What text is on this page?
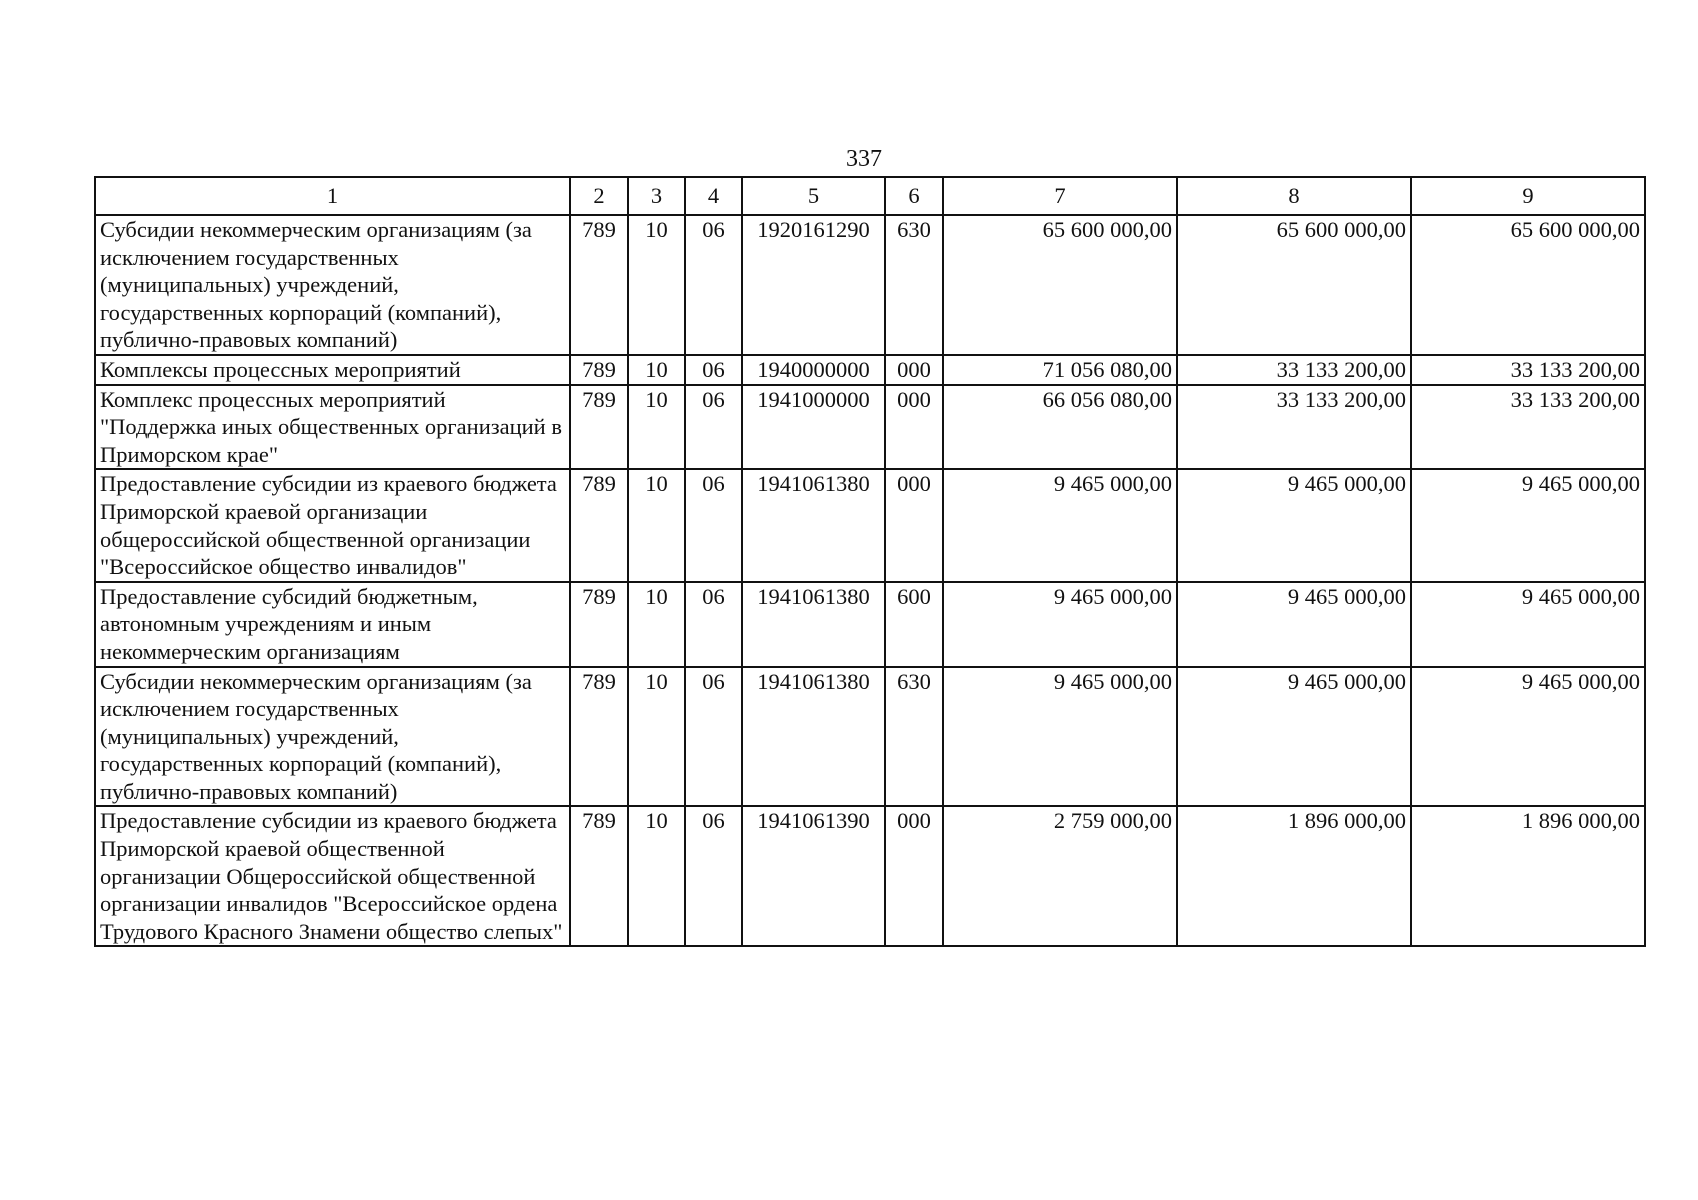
337
1	2	3	4	5	6	7	8	9
Субсидии некоммерческим организациям (за исключением государственных (муниципальных) учреждений, государственных корпораций (компаний), публично-правовых компаний)	789	10	06	1920161290	630	65 600 000,00	65 600 000,00	65 600 000,00
Комплексы процессных мероприятий	789	10	06	1940000000	000	71 056 080,00	33 133 200,00	33 133 200,00
Комплекс процессных мероприятий "Поддержка иных общественных организаций в Приморском крае"	789	10	06	1941000000	000	66 056 080,00	33 133 200,00	33 133 200,00
Предоставление субсидии из краевого бюджета Приморской краевой организации общероссийской общественной организации "Всероссийское общество инвалидов"	789	10	06	1941061380	000	9 465 000,00	9 465 000,00	9 465 000,00
Предоставление субсидий бюджетным, автономным учреждениям и иным некоммерческим организациям	789	10	06	1941061380	600	9 465 000,00	9 465 000,00	9 465 000,00
Субсидии некоммерческим организациям (за исключением государственных (муниципальных) учреждений, государственных корпораций (компаний), публично-правовых компаний)	789	10	06	1941061380	630	9 465 000,00	9 465 000,00	9 465 000,00
Предоставление субсидии из краевого бюджета Приморской краевой общественной организации Общероссийской общественной организации инвалидов "Всероссийское ордена Трудового Красного Знамени общество слепых"	789	10	06	1941061390	000	2 759 000,00	1 896 000,00	1 896 000,00
